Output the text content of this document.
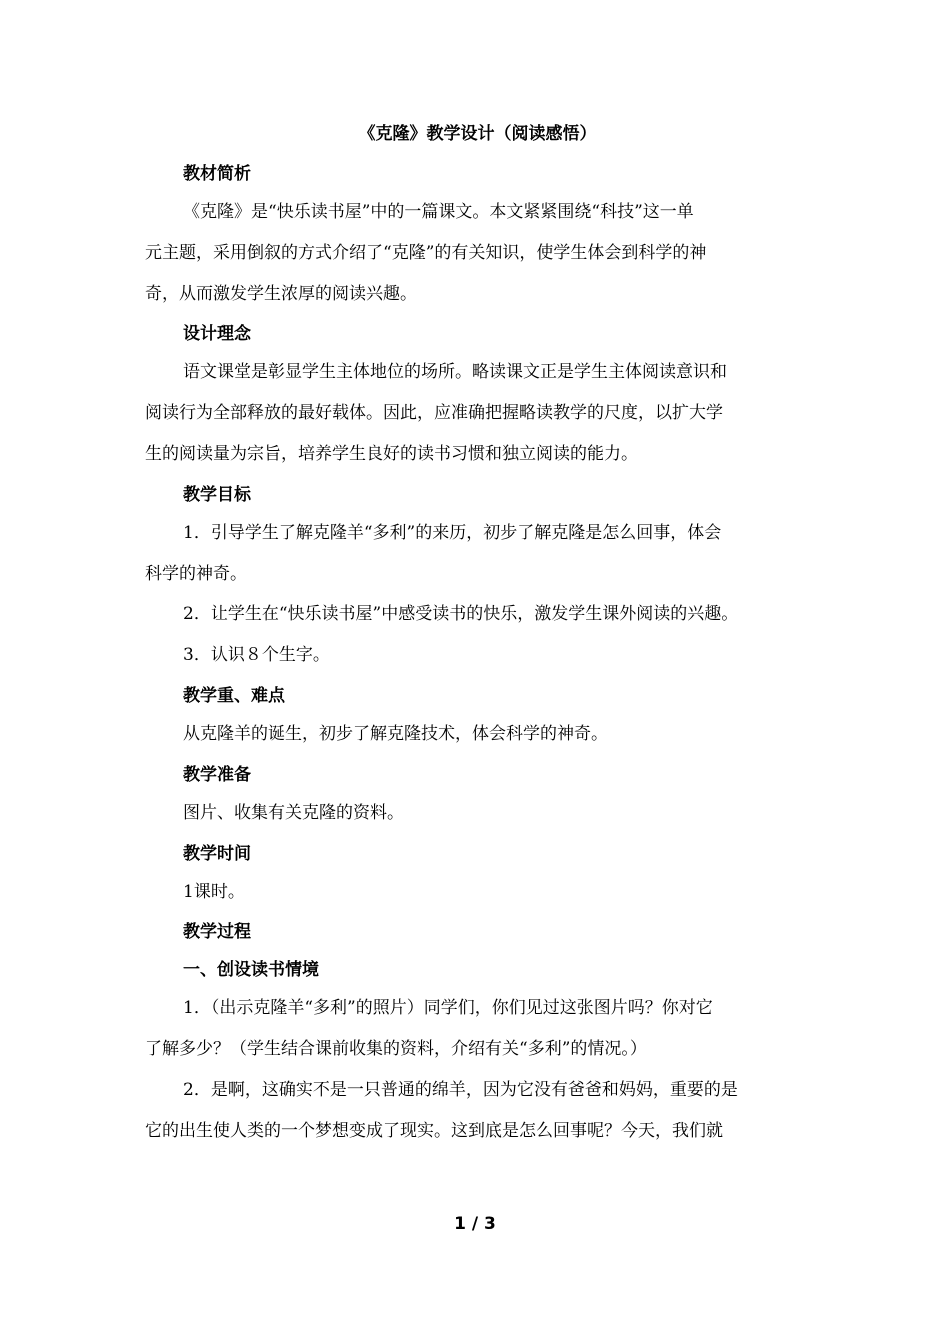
《克隆》教学设计（阅读感悟）
教材简析
《克隆》是“快乐读书屋”中的一篇课文。本文紧紧围绕“科技”这一单
元主题，采用倒叙的方式介绍了“克隆”的有关知识，使学生体会到科学的神
奇，从而激发学生浓厚的阅读兴趣。
设计理念
语文课堂是彰显学生主体地位的场所。略读课文正是学生主体阅读意识和
阅读行为全部释放的最好载体。因此，应准确把握略读教学的尺度，以扩大学
生的阅读量为宗旨，培养学生良好的读书习惯和独立阅读的能力。
教学目标
1．引导学生了解克隆羊“多利”的来历，初步了解克隆是怎么回事，体会
科学的神奇。
2．让学生在“快乐读书屋”中感受读书的快乐，激发学生课外阅读的兴趣。
3．认识８个生字。
教学重、难点
从克隆羊的诞生，初步了解克隆技术，体会科学的神奇。
教学准备
图片、收集有关克隆的资料。
教学时间
1课时。
教学过程
一、创设读书情境
1．（出示克隆羊“多利”的照片）同学们，你们见过这张图片吗？你对它
了解多少？（学生结合课前收集的资料，介绍有关“多利”的情况。）
2．是啊，这确实不是一只普通的绵羊，因为它没有爸爸和妈妈，重要的是
它的出生使人类的一个梦想变成了现实。这到底是怎么回事呢？今天，我们就
1 / 3
